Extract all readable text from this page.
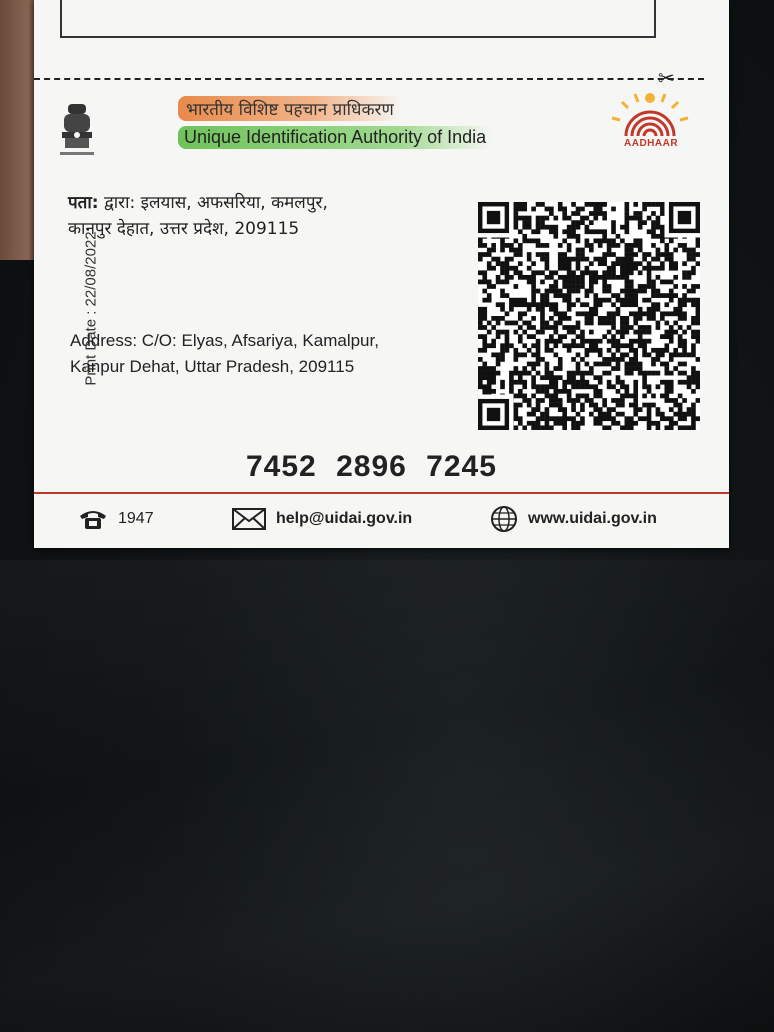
✂
भारतीय विशिष्ट पहचान प्राधिकरण
Unique Identification Authority of India	AADHAAR
Print Date : 22/08/2022
पता: द्वारा: इलयास, अफसरिया, कमलपुर,
कानपुर देहात, उत्तर प्रदेश, 209115
Address: C/O: Elyas, Afsariya, Kamalpur,
Kanpur Dehat, Uttar Pradesh, 209115
7452 2896 7245
1947	help@uidai.gov.in	www.uidai.gov.in
